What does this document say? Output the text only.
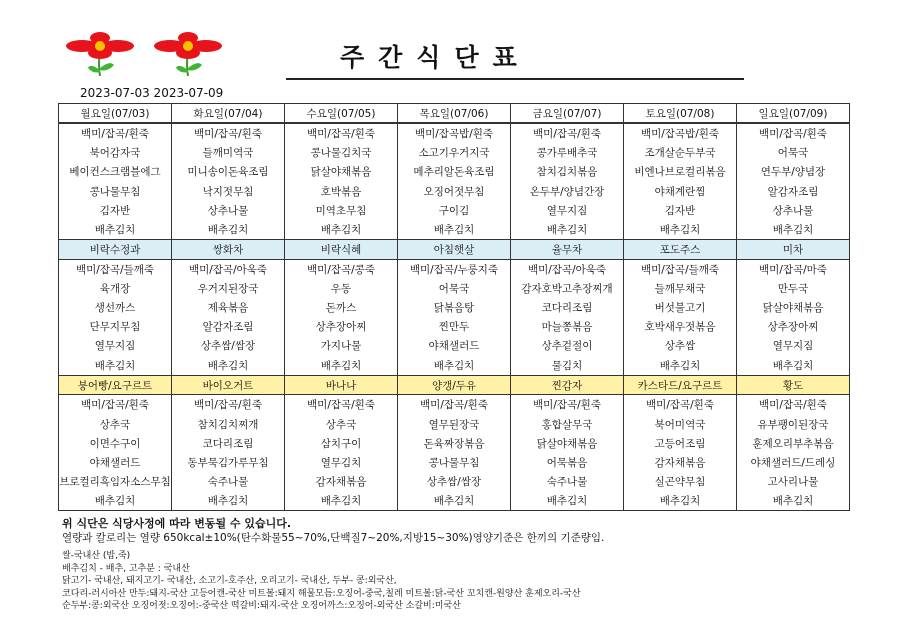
주간식단표
2023-07-03 2023-07-09
월요일(07/03)	화요일(07/04)	수요일(07/05)	목요일(07/06)	금요일(07/07)	토요일(07/08)	일요일(07/09)
백미/잡곡/흰죽	백미/잡곡/흰죽	백미/잡곡/흰죽	백미/잡곡밥/흰죽	백미/잡곡/흰죽	백미/잡곡밥/흰죽	백미/잡곡/흰죽
북어감자국	들깨미역국	콩나물김치국	소고기우거지국	콩가루배추국	조개살순두부국	어묵국
베이컨스크램블에그	미니송이돈육조림	닭살야채볶음	메추리알돈육조림	참치김치볶음	비엔나브로컬리볶음	연두부/양념장
콩나물무침	낙지젓무침	호박볶음	오징어젓무침	온두부/양념간장	야채계란찜	알감자조림
김자반	상추나물	미역초무침	구이김	열무지짐	김자반	상추나물
배추김치	배추김치	배추김치	배추김치	배추김치	배추김치	배추김치
비락수정과	쌍화차	비락식혜	아침햇살	율무차	포도주스	미차
백미/잡곡/들깨죽	백미/잡곡/아욱죽	백미/잡곡/콩죽	백미/잡곡/누룽지죽	백미/잡곡/아욱죽	백미/잡곡/들깨죽	백미/잡곡/마죽
육개장	우거지된장국	우동	어묵국	감자호박고추장찌개	들깨무채국	만두국
생선까스	제육볶음	돈까스	닭볶음탕	코다리조림	버섯불고기	닭살야채볶음
단무지무침	알감자조림	상추장아찌	찐만두	마늘쫑볶음	호박새우젓볶음	상추장아찌
열무지짐	상추쌈/쌈장	가지나물	야채샐러드	상추겉절이	상추쌈	열무지짐
배추김치	배추김치	배추김치	배추김치	물김치	배추김치	배추김치
붕어빵/요구르트	바이오거트	바나나	양갱/두유	찐감자	카스타드/요구르트	황도
백미/잡곡/흰죽	백미/잡곡/흰죽	백미/잡곡/흰죽	백미/잡곡/흰죽	백미/잡곡/흰죽	백미/잡곡/흰죽	백미/잡곡/흰죽
상추국	참치김치찌개	상추국	열무된장국	홍합살무국	북어미역국	유부팽이된장국
이면수구이	코다리조림	삼치구이	돈육짜장볶음	닭살야채볶음	고등어조림	훈제오리부추볶음
야채샐러드	동부묵김가루무침	열무김치	콩나물무침	어묵볶음	감자채볶음	야채샐러드/드레싱
브로컬리흑임자소스무침	숙주나물	감자채볶음	상추쌈/쌈장	숙주나물	실곤약무침	고사리나물
배추김치	배추김치	배추김치	배추김치	배추김치	배추김치	배추김치
위 식단은 식당사정에 따라 변동될 수 있습니다.
열량과 칼로리는 열량 650kcal±10%(탄수화물55~70%,단백질7~20%,지방15~30%)영양기준은 한끼의 기준량임.
쌀-국내산 (밥,죽)
배추김치 - 배추, 고추분 : 국내산
닭고기- 국내산, 돼지고기- 국내산, 소고기-호주산, 오리고기- 국내산, 두부- 콩:외국산,
코다리-러시아산 만두:돼지-국산 고등어캔-국산 미트볼:돼지 해물모듬:오징어-중국,칠레 미트볼:닭-국산 꼬치캔-원양산 훈제오리-국산
순두부:콩:외국산 오징어젓:오징어:-중국산 떡갈비:돼지-국산 오징어까스:오징어-외국산 소갈비:미국산
